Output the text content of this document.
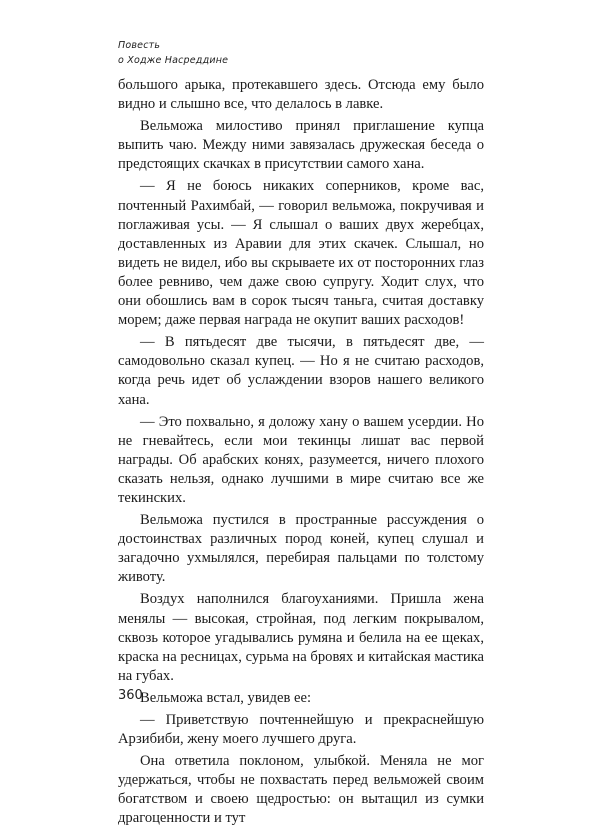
Повесть
о Ходже Насреддине

большого арыка, протекавшего здесь. Отсюда ему было видно и слышно все, что делалось в лавке.

Вельможа милостиво принял приглашение купца выпить чаю. Между ними завязалась дружеская беседа о предстоящих скачках в присутствии самого хана.

— Я не боюсь никаких соперников, кроме вас, почтенный Рахимбай, — говорил вельможа, покручивая и поглаживая усы. — Я слышал о ваших двух жеребцах, доставленных из Аравии для этих скачек. Слышал, но видеть не видел, ибо вы скрываете их от посторонних глаз более ревниво, чем даже свою супругу. Ходит слух, что они обошлись вам в сорок тысяч таньга, считая доставку морем; даже первая награда не окупит ваших расходов!

— В пятьдесят две тысячи, в пятьдесят две, — самодовольно сказал купец. — Но я не считаю расходов, когда речь идет об услаждении взоров нашего великого хана.

— Это похвально, я доложу хану о вашем усердии. Но не гневайтесь, если мои текинцы лишат вас первой награды. Об арабских конях, разумеется, ничего плохого сказать нельзя, однако лучшими в мире считаю все же текинских.

Вельможа пустился в пространные рассуждения о достоинствах различных пород коней, купец слушал и загадочно ухмылялся, перебирая пальцами по толстому животу.

Воздух наполнился благоуханиями. Пришла жена менялы — высокая, стройная, под легким покрывалом, сквозь которое угадывались румяна и белила на ее щеках, краска на ресницах, сурьма на бровях и китайская мастика на губах.

Вельможа встал, увидев ее:

— Приветствую почтеннейшую и прекраснейшую Арзибиби, жену моего лучшего друга.

Она ответила поклоном, улыбкой. Меняла не мог удержаться, чтобы не похвастать перед вельможей своим богатством и своею щедростью: он вытащил из сумки драгоценности и тут

360
